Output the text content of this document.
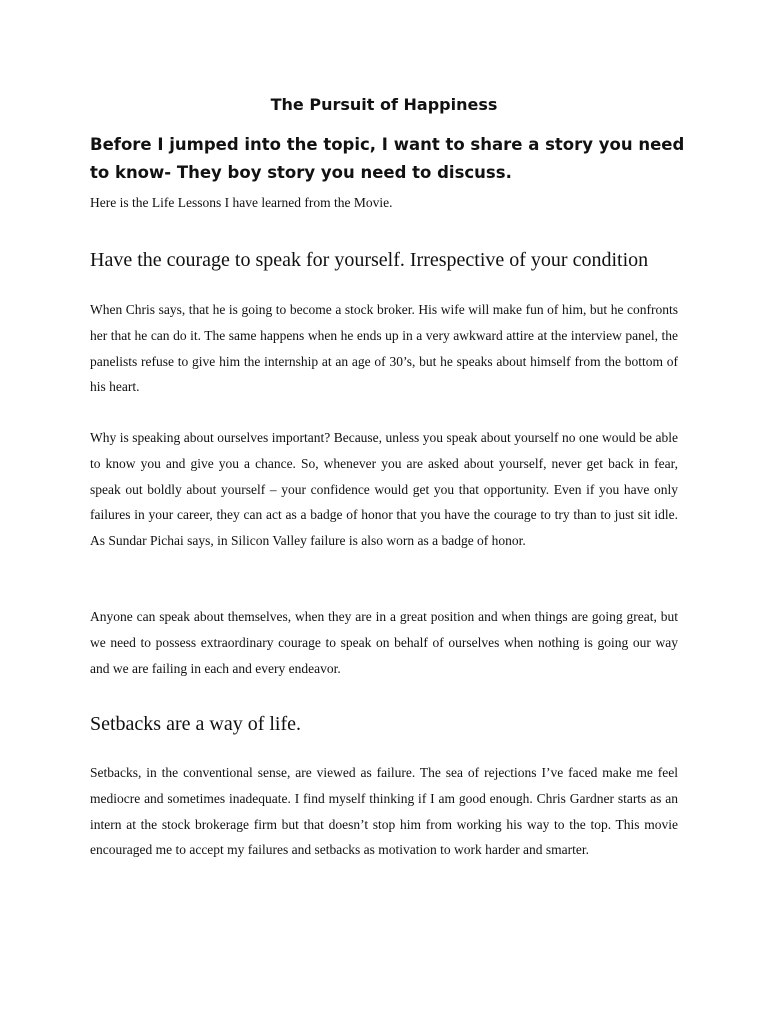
The Pursuit of Happiness

Before I jumped into the topic, I want to share a story you need to know- They boy story you need to discuss.

Here is the Life Lessons I have learned from the Movie.

Have the courage to speak for yourself. Irrespective of your condition

When Chris says, that he is going to become a stock broker. His wife will make fun of him, but he confronts her that he can do it. The same happens when he ends up in a very awkward attire at the interview panel, the panelists refuse to give him the internship at an age of 30’s, but he speaks about himself from the bottom of his heart.

Why is speaking about ourselves important? Because, unless you speak about yourself no one would be able to know you and give you a chance. So, whenever you are asked about yourself, never get back in fear, speak out boldly about yourself – your confidence would get you that opportunity. Even if you have only failures in your career, they can act as a badge of honor that you have the courage to try than to just sit idle. As Sundar Pichai says, in Silicon Valley failure is also worn as a badge of honor.

Anyone can speak about themselves, when they are in a great position and when things are going great, but we need to possess extraordinary courage to speak on behalf of ourselves when nothing is going our way and we are failing in each and every endeavor.

Setbacks are a way of life.

Setbacks, in the conventional sense, are viewed as failure. The sea of rejections I’ve faced make me feel mediocre and sometimes inadequate. I find myself thinking if I am good enough. Chris Gardner starts as an intern at the stock brokerage firm but that doesn’t stop him from working his way to the top. This movie encouraged me to accept my failures and setbacks as motivation to work harder and smarter.
